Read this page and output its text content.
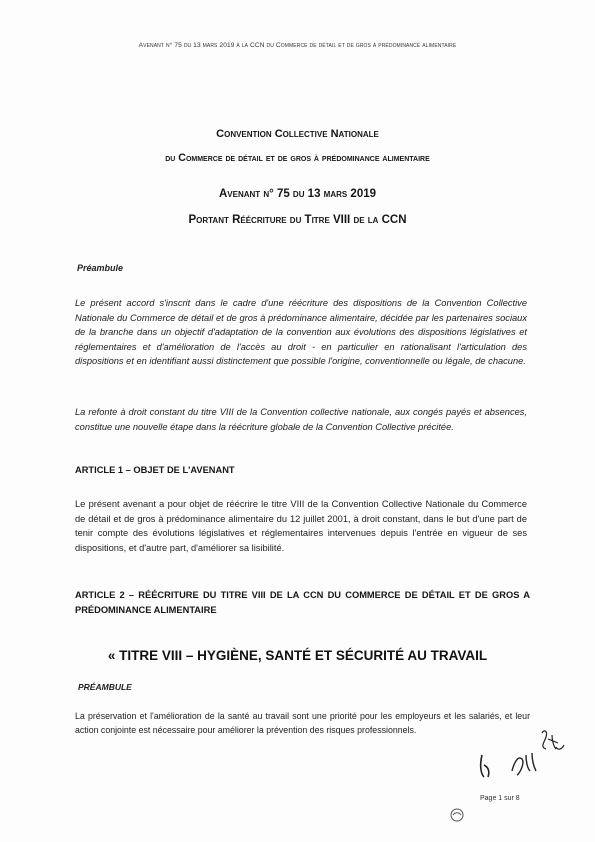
Avenant n° 75 du 13 mars 2019 à la CCN du Commerce de détail et de gros à prédominance alimentaire
Convention Collective Nationale
du Commerce de détail et de gros à prédominance alimentaire
Avenant n° 75 du 13 mars 2019
Portant Réécriture du Titre VIII de la CCN
Préambule
Le présent accord s'inscrit dans le cadre d'une réécriture des dispositions de la Convention Collective Nationale du Commerce de détail et de gros à prédominance alimentaire, décidée par les partenaires sociaux de la branche dans un objectif d'adaptation de la convention aux évolutions des dispositions législatives et réglementaires et d'amélioration de l'accès au droit - en particulier en rationalisant l'articulation des dispositions et en identifiant aussi distinctement que possible l'origine, conventionnelle ou légale, de chacune.
La refonte à droit constant du titre VIII de la Convention collective nationale, aux congés payés et absences, constitue une nouvelle étape dans la réécriture globale de la Convention Collective précitée.
ARTICLE 1 – OBJET DE L'AVENANT
Le présent avenant a pour objet de réécrire le titre VIII de la Convention Collective Nationale du Commerce de détail et de gros à prédominance alimentaire du 12 juillet 2001, à droit constant, dans le but d'une part de tenir compte des évolutions législatives et réglementaires intervenues depuis l'entrée en vigueur de ses dispositions, et d'autre part, d'améliorer sa lisibilité.
ARTICLE 2 – RÉÉCRITURE DU TITRE VIII DE LA CCN DU COMMERCE DE DÉTAIL ET DE GROS A PRÉDOMINANCE ALIMENTAIRE
« TITRE VIII – HYGIÈNE, SANTÉ ET SÉCURITÉ AU TRAVAIL
PRÉAMBULE
La préservation et l'amélioration de la santé au travail sont une priorité pour les employeurs et les salariés, et leur action conjointe est nécessaire pour améliorer la prévention des risques professionnels.
Page 1 sur 8
